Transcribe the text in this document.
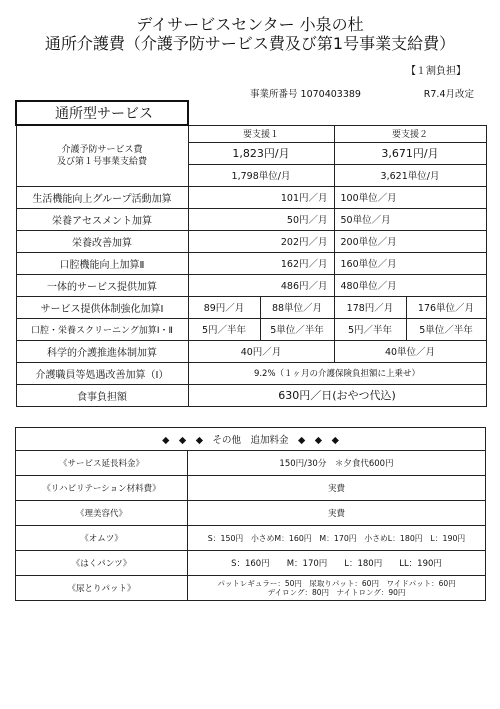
デイサービスセンター 小泉の杜
通所介護費（介護予防サービス費及び第1号事業支給費）
【１割負担】
事業所番号 1070403389	R7.4月改定
通所型サービス				
介護予防サービス費
及び第１号事業支給費	要支援１		要支援２	
	1,823円/月		3,671円/月	
	1,798単位/月		3,621単位/月	
生活機能向上グループ活動加算	101円／月		100単位／月	
栄養アセスメント加算	50円／月		50単位／月	
栄養改善加算	202円／月		200単位／月	
口腔機能向上加算Ⅱ	162円／月		160単位／月	
一体的サービス提供加算	486円／月		480単位／月	
サービス提供体制強化加算Ⅰ	89円／月	88単位／月	178円／月	176単位／月
口腔・栄養スクリーニング加算Ⅰ・Ⅱ	5円／半年	5単位／半年	5円／半年	5単位／半年
科学的介護推進体制加算	40円／月		40単位／月	
介護職員等処遇改善加算（Ⅰ）	9.2%（１ヶ月の介護保険負担額に上乗せ）			
食事負担額	630円／日(おやつ代込)			
◆　◆　◆　その他　追加料金　◆　◆　◆	
《サービス延長料金》	150円/30分　＊夕食代600円
《リハビリテーション材料費》	実費
《理美容代》	実費
《オムツ》	S：150円　小さめM：160円　M：170円　小さめL：180円　L：190円
《はくパンツ》	S：160円　　M：170円　　L：180円　　LL：190円
《尿とりパット》	パットレギュラー：50円　尿取りパット：60円　ワイドパット：60円
デイロング：80円　ナイトロング：90円
